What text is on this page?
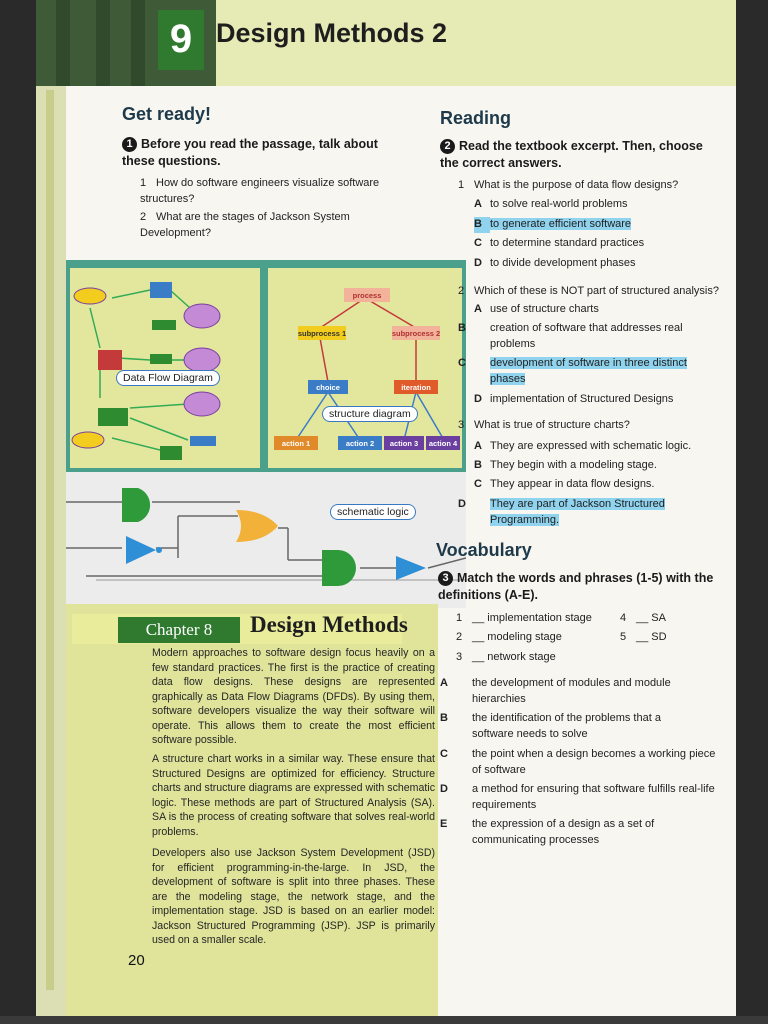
9 Design Methods 2
Get ready!
1 Before you read the passage, talk about these questions.
1 How do software engineers visualize software structures?
2 What are the stages of Jackson System Development?
Data Flow Diagram
process
subprocess 1	subprocess 2
choice	iteration
action 1	action 2 action 3 action 4
structure diagram
schematic logic
Chapter 8	Design Methods
Modern approaches to software design focus heavily on a few standard practices. The first is the practice of creating data flow designs. These designs are represented graphically as Data Flow Diagrams (DFDs). By using them, software developers visualize the way their software will operate. This allows them to create the most efficient software possible.
A structure chart works in a similar way. These ensure that Structured Designs are optimized for efficiency. Structure charts and structure diagrams are expressed with schematic logic. These methods are part of Structured Analysis (SA). SA is the process of creating software that solves real-world problems.
Developers also use Jackson System Development (JSD) for efficient programming-in-the-large. In JSD, the development of software is split into three phases. These are the modeling stage, the network stage, and the implementation stage. JSD is based on an earlier model: Jackson Structured Programming (JSP). JSP is primarily used on a smaller scale.
20
Reading
2 Read the textbook excerpt. Then, choose the correct answers.
1 What is the purpose of data flow designs?
A to solve real-world problems
B to generate efficient software
C to determine standard practices
D to divide development phases
2 Which of these is NOT part of structured analysis?
A use of structure charts
B creation of software that addresses real problems
C development of software in three distinct phases
D implementation of Structured Designs
3 What is true of structure charts?
A They are expressed with schematic logic.
B They begin with a modeling stage.
C They appear in data flow designs.
D They are part of Jackson Structured Programming.
Vocabulary
3 Match the words and phrases (1-5) with the definitions (A-E).
1 __ implementation stage
2 __ modeling stage
3 __ network stage
4 __ SA
5 __ SD
A the development of modules and module hierarchies
B the identification of the problems that a software needs to solve
C the point when a design becomes a working piece of software
D a method for ensuring that software fulfills real-life requirements
E the expression of a design as a set of communicating processes
